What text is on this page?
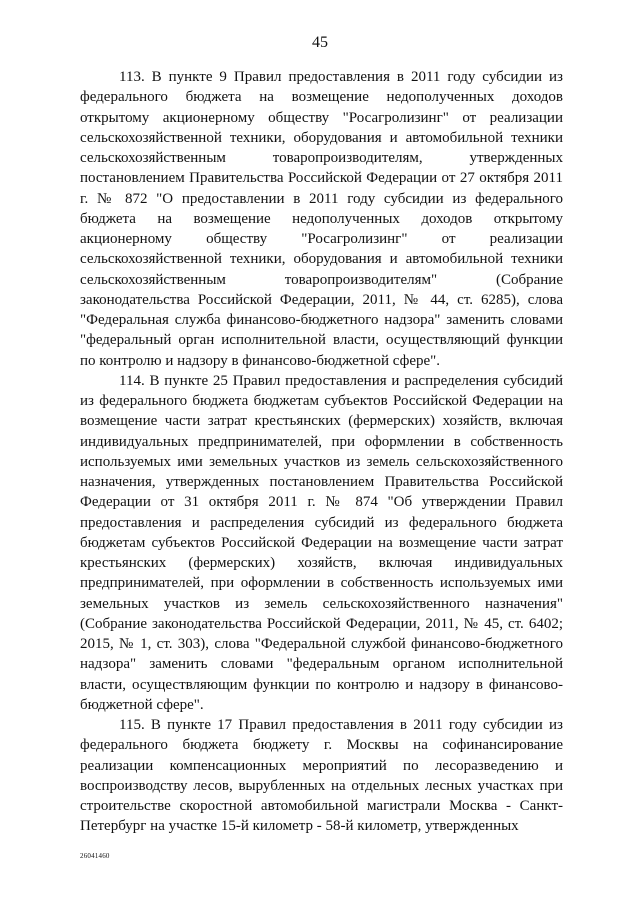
45

113. В пункте 9 Правил предоставления в 2011 году субсидии из федерального бюджета на возмещение недополученных доходов открытому акционерному обществу "Росагролизинг" от реализации сельскохозяйственной техники, оборудования и автомобильной техники сельскохозяйственным товаропроизводителям, утвержденных постановлением Правительства Российской Федерации от 27 октября 2011 г. № 872 "О предоставлении в 2011 году субсидии из федерального бюджета на возмещение недополученных доходов открытому акционерному обществу "Росагролизинг" от реализации сельскохозяйственной техники, оборудования и автомобильной техники сельскохозяйственным товаропроизводителям" (Собрание законодательства Российской Федерации, 2011, № 44, ст. 6285), слова "Федеральная служба финансово-бюджетного надзора" заменить словами "федеральный орган исполнительной власти, осуществляющий функции по контролю и надзору в финансово-бюджетной сфере".

114. В пункте 25 Правил предоставления и распределения субсидий из федерального бюджета бюджетам субъектов Российской Федерации на возмещение части затрат крестьянских (фермерских) хозяйств, включая индивидуальных предпринимателей, при оформлении в собственность используемых ими земельных участков из земель сельскохозяйственного назначения, утвержденных постановлением Правительства Российской Федерации от 31 октября 2011 г. № 874 "Об утверждении Правил предоставления и распределения субсидий из федерального бюджета бюджетам субъектов Российской Федерации на возмещение части затрат крестьянских (фермерских) хозяйств, включая индивидуальных предпринимателей, при оформлении в собственность используемых ими земельных участков из земель сельскохозяйственного назначения" (Собрание законодательства Российской Федерации, 2011, № 45, ст. 6402; 2015, № 1, ст. 303), слова "Федеральной службой финансово-бюджетного надзора" заменить словами "федеральным органом исполнительной власти, осуществляющим функции по контролю и надзору в финансово-бюджетной сфере".

115. В пункте 17 Правил предоставления в 2011 году субсидии из федерального бюджета бюджету г. Москвы на софинансирование реализации компенсационных мероприятий по лесоразведению и воспроизводству лесов, вырубленных на отдельных лесных участках при строительстве скоростной автомобильной магистрали Москва - Санкт-Петербург на участке 15-й километр - 58-й километр, утвержденных

26041460
